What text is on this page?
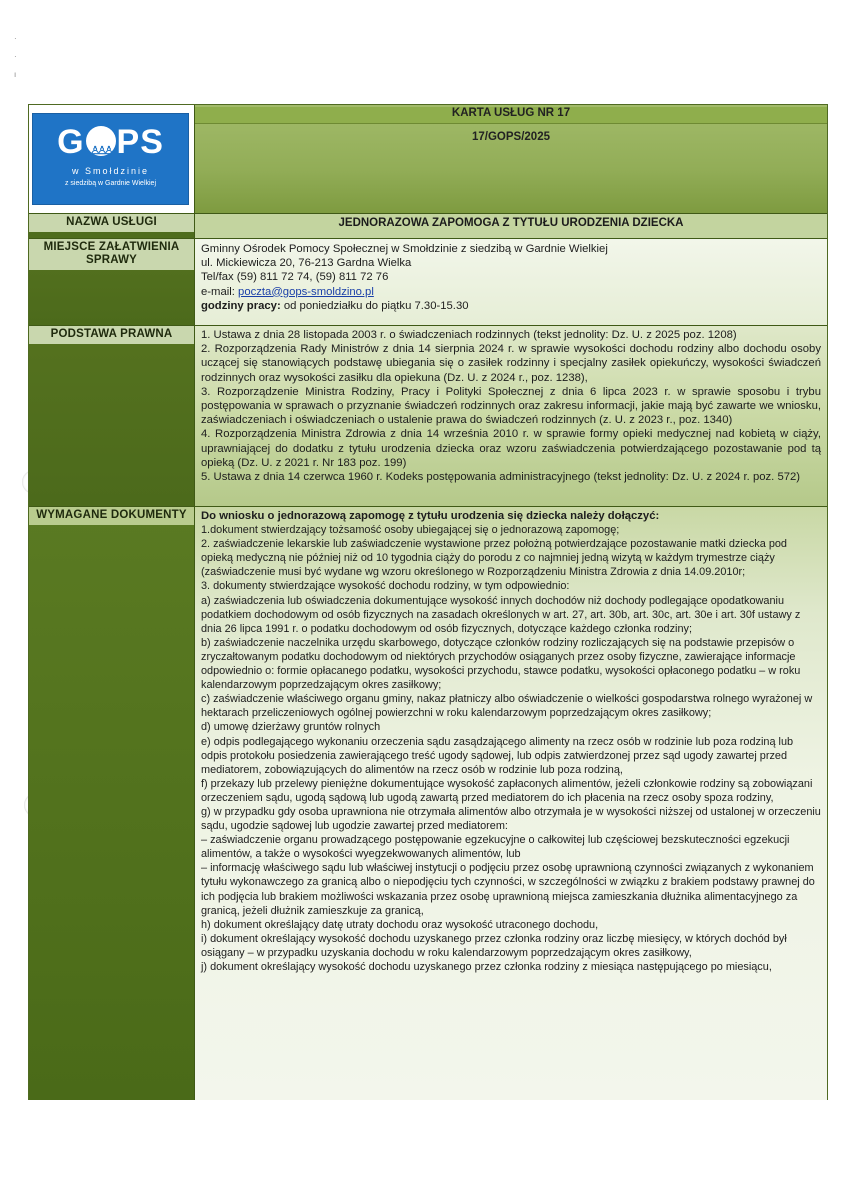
·
·
ı
G♙♙♙ PS
w Smołdzinie
z siedzibą w Gardnie Wielkiej
KARTA USŁUG NR 17
17/GOPS/2025
NAZWA USŁUGI	JEDNORAZOWA ZAPOMOGA Z TYTUŁU URODZENIA DZIECKA
MIEJSCE ZAŁATWIENIA SPRAWY
Gminny Ośrodek Pomocy Społecznej w Smołdzinie z siedzibą w Gardnie Wielkiej
ul. Mickiewicza 20, 76-213 Gardna Wielka
Tel/fax (59) 811 72 74, (59) 811 72 76
e-mail: poczta@gops-smoldzino.pl
godziny pracy: od poniedziałku do piątku 7.30-15.30
PODSTAWA PRAWNA	1. Ustawa z dnia 28 listopada 2003 r. o świadczeniach rodzinnych (tekst jednolity: Dz. U. z 2025 poz. 1208)
2. Rozporządzenia Rady Ministrów z dnia 14 sierpnia 2024 r. w sprawie wysokości dochodu rodziny albo dochodu osoby uczącej się stanowiących podstawę ubiegania się o zasiłek rodzinny i specjalny zasiłek opiekuńczy, wysokości świadczeń rodzinnych oraz wysokości zasiłku dla opiekuna (Dz. U. z 2024 r., poz. 1238),
3. Rozporządzenie Ministra Rodziny, Pracy i Polityki Społecznej z dnia 6 lipca 2023 r. w sprawie sposobu i trybu postępowania w sprawach o przyznanie świadczeń rodzinnych oraz zakresu informacji, jakie mają być zawarte we wniosku, zaświadczeniach i oświadczeniach o ustalenie prawa do świadczeń rodzinnych (z. U. z 2023 r., poz. 1340)
4. Rozporządzenia Ministra Zdrowia z dnia 14 września 2010 r. w sprawie formy opieki medycznej nad kobietą w ciąży, uprawniającej do dodatku z tytułu urodzenia dziecka oraz wzoru zaświadczenia potwierdzającego pozostawanie pod tą opieką (Dz. U. z 2021 r. Nr 183 poz. 199)
5. Ustawa z dnia 14 czerwca 1960 r. Kodeks postępowania administracyjnego (tekst jednolity: Dz. U. z 2024 r. poz. 572)
WYMAGANE DOKUMENTY	Do wniosku o jednorazową zapomogę z tytułu urodzenia się dziecka należy dołączyć:
1.dokument stwierdzający tożsamość osoby ubiegającej się o jednorazową zapomogę;
2. zaświadczenie lekarskie lub zaświadczenie wystawione przez położną potwierdzające pozostawanie matki dziecka pod opieką medyczną nie później niż od 10 tygodnia ciąży do porodu z co najmniej jedną wizytą w każdym trymestrze ciąży (zaświadczenie musi być wydane wg wzoru określonego w Rozporządzeniu Ministra Zdrowia z dnia 14.09.2010r;
3. dokumenty stwierdzające wysokość dochodu rodziny, w tym odpowiednio:
a) zaświadczenia lub oświadczenia dokumentujące wysokość innych dochodów niż dochody podlegające opodatkowaniu podatkiem dochodowym od osób fizycznych na zasadach określonych w art. 27, art. 30b, art. 30c, art. 30e i art. 30f ustawy z dnia 26 lipca 1991 r. o podatku dochodowym od osób fizycznych, dotyczące każdego członka rodziny;
b) zaświadczenie naczelnika urzędu skarbowego, dotyczące członków rodziny rozliczających się na podstawie przepisów o zryczałtowanym podatku dochodowym od niektórych przychodów osiąganych przez osoby fizyczne, zawierające informacje odpowiednio o: formie opłacanego podatku, wysokości przychodu, stawce podatku, wysokości opłaconego podatku – w roku kalendarzowym poprzedzającym okres zasiłkowy;
c) zaświadczenie właściwego organu gminy, nakaz płatniczy albo oświadczenie o wielkości gospodarstwa rolnego wyrażonej w hektarach przeliczeniowych ogólnej powierzchni w roku kalendarzowym poprzedzającym okres zasiłkowy;
d) umowę dzierżawy gruntów rolnych
e) odpis podlegającego wykonaniu orzeczenia sądu zasądzającego alimenty na rzecz osób w rodzinie lub poza rodziną lub odpis protokołu posiedzenia zawierającego treść ugody sądowej, lub odpis zatwierdzonej przez sąd ugody zawartej przed mediatorem, zobowiązujących do alimentów na rzecz osób w rodzinie lub poza rodziną,
f) przekazy lub przelewy pieniężne dokumentujące wysokość zapłaconych alimentów, jeżeli członkowie rodziny są zobowiązani orzeczeniem sądu, ugodą sądową lub ugodą zawartą przed mediatorem do ich płacenia na rzecz osoby spoza rodziny,
g) w przypadku gdy osoba uprawniona nie otrzymała alimentów albo otrzymała je w wysokości niższej od ustalonej w orzeczeniu sądu, ugodzie sądowej lub ugodzie zawartej przed mediatorem:
– zaświadczenie organu prowadzącego postępowanie egzekucyjne o całkowitej lub częściowej bezskuteczności egzekucji alimentów, a także o wysokości wyegzekwowanych alimentów, lub
– informację właściwego sądu lub właściwej instytucji o podjęciu przez osobę uprawnioną czynności związanych z wykonaniem tytułu wykonawczego za granicą albo o niepodjęciu tych czynności, w szczególności w związku z brakiem podstawy prawnej do ich podjęcia lub brakiem możliwości wskazania przez osobę uprawnioną miejsca zamieszkania dłużnika alimentacyjnego za granicą, jeżeli dłużnik zamieszkuje za granicą,
h) dokument określający datę utraty dochodu oraz wysokość utraconego dochodu,
i) dokument określający wysokość dochodu uzyskanego przez członka rodziny oraz liczbę miesięcy, w których dochód był osiągany – w przypadku uzyskania dochodu w roku kalendarzowym poprzedzającym okres zasiłkowy,
j) dokument określający wysokość dochodu uzyskanego przez członka rodziny z miesiąca następującego po miesiącu,
